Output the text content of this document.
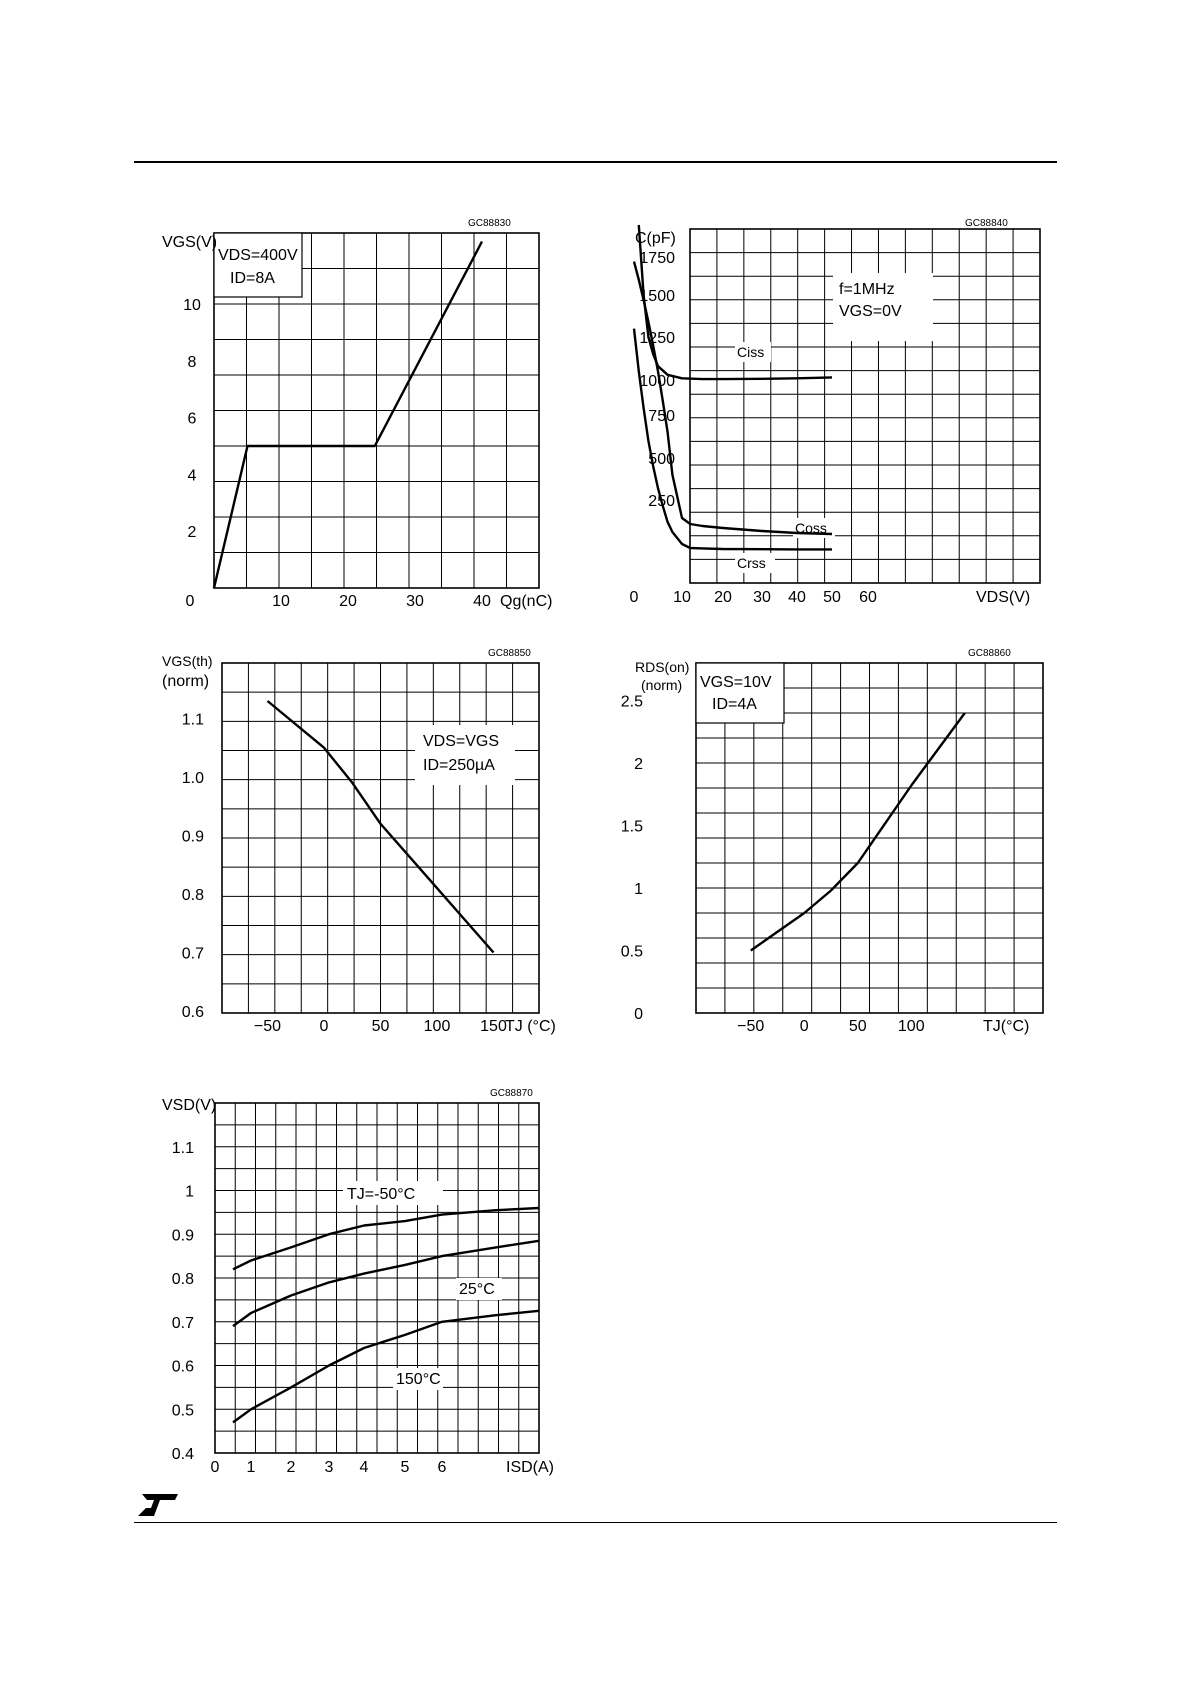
GC88830
VDS=400V
ID=8A
VGS(V)
Qg(nC)
2
4
6
8
10
0	10	20	30	40
GC88840
f=1MHz
VGS=0V
C(pF)
VDS(V)
Ciss
Coss
Crss
250
500
750
1000
1250
1500
1750
0 10 20 30 40 50 60
GC88850
VDS=VGS
ID=250µA
VGS(th)
(norm)
TJ (°C)
0.6
0.7
0.8
0.9
1.0
1.1
−50 0	50 100 150
GC88860
VGS=10V
ID=4A
RDS(on)
(norm)
TJ(°C)
0
0.5
1
1.5
2
2.5
−50 0	50 100
GC88870
TJ=-50°C
25°C
150°C
VSD(V)
ISD(A)
0.4
0.5
0.6
0.7
0.8
0.9
1
1.1
0 1 2 3 4 5 6
